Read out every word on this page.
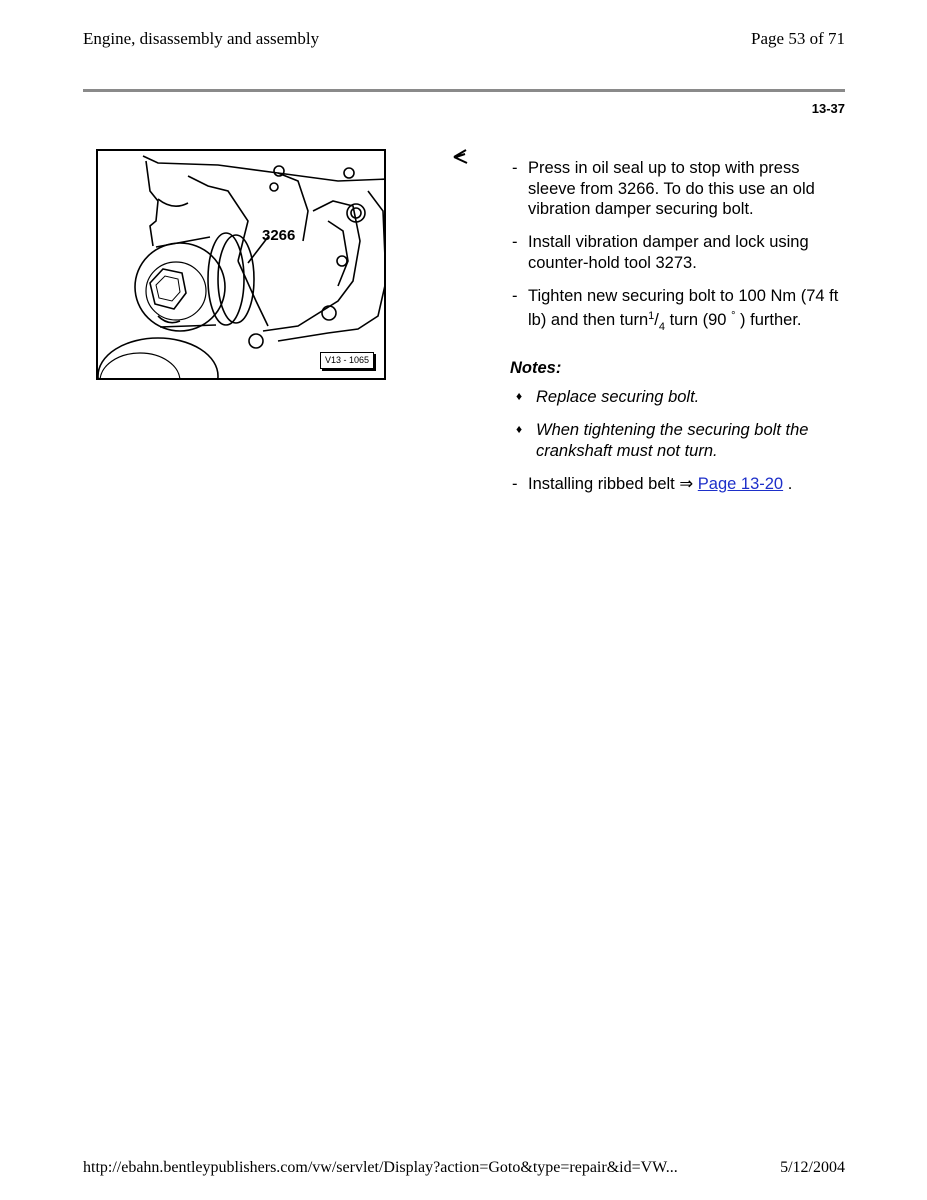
Engine, disassembly and assembly	Page 53 of 71
13-37
3266
V13 - 1065
- Press in oil seal up to stop with press sleeve from 3266. To do this use an old vibration damper securing bolt.
- Install vibration damper and lock using counter-hold tool 3273.
- Tighten new securing bolt to 100 Nm (74 ft lb) and then $turn^1/_4$ turn (90 ° ) further.
Notes:
♦ Replace securing bolt.
♦ When tightening the securing bolt the crankshaft must not turn.
- Installing ribbed belt ⇒ Page 13-20 .
http://ebahn.bentleypublishers.com/vw/servlet/Display?action=Goto&type=repair&id=VW...	5/12/2004
